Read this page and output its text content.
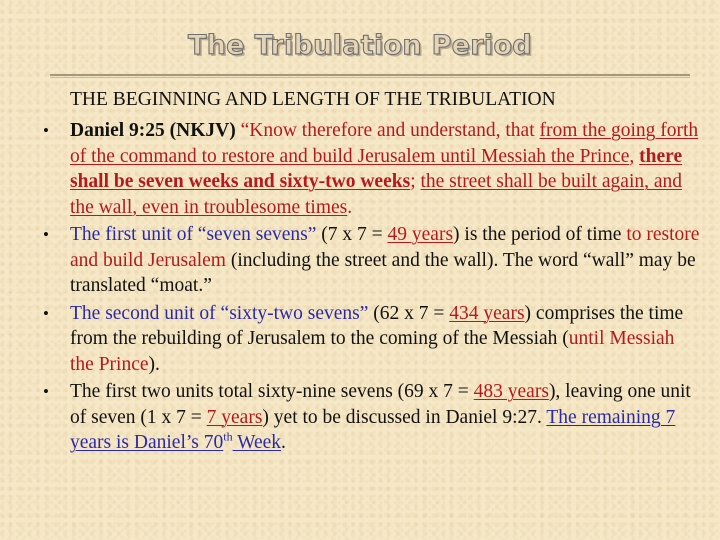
The Tribulation Period
THE BEGINNING AND LENGTH OF THE TRIBULATION
• Daniel 9:25 (NKJV) “Know therefore and understand, that from the going forth of the command to restore and build Jerusalem until Messiah the Prince, there shall be seven weeks and sixty-two weeks; the street shall be built again, and the wall, even in troublesome times.
• The first unit of “seven sevens” (7 x 7 = 49 years) is the period of time to restore and build Jerusalem (including the street and the wall). The word “wall” may be translated “moat.”
• The second unit of “sixty-two sevens” (62 x 7 = 434 years) comprises the time from the rebuilding of Jerusalem to the coming of the Messiah (until Messiah the Prince).
• The first two units total sixty-nine sevens (69 x 7 = 483 years), leaving one unit of seven (1 x 7 = 7 years) yet to be discussed in Daniel 9:27. The remaining 7 years is Daniel’s 70th Week.
